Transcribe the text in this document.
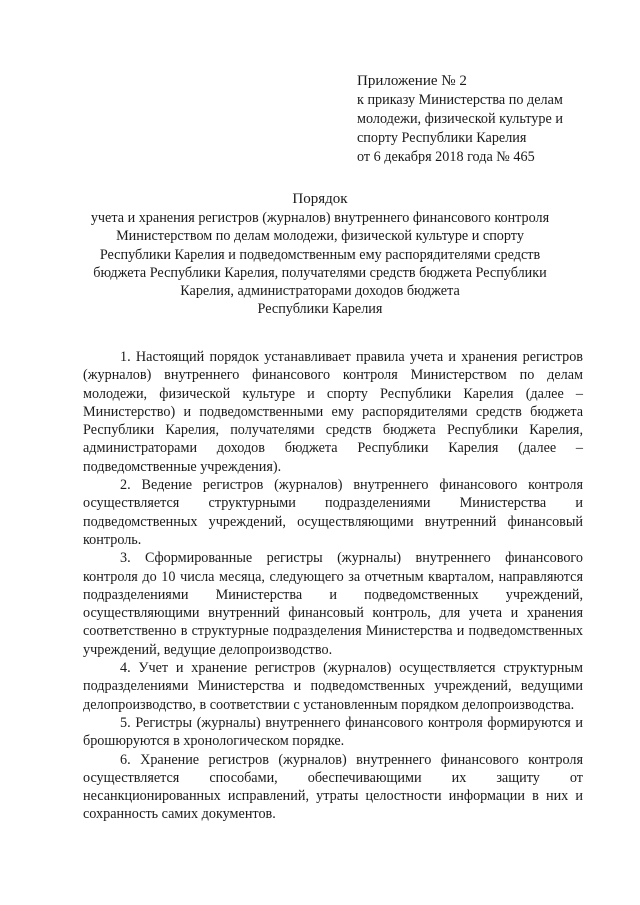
Приложение № 2
к приказу Министерства по делам
молодежи, физической культуре и
спорту Республики Карелия
от 6 декабря 2018 года № 465
Порядок
учета и хранения регистров (журналов) внутреннего финансового контроля
Министерством по делам молодежи, физической культуре и спорту
Республики Карелия и подведомственным ему распорядителями средств
бюджета Республики Карелия, получателями средств бюджета Республики
Карелия, администраторами доходов бюджета
Республики Карелия

1. Настоящий порядок устанавливает правила учета и хранения регистров (журналов) внутреннего финансового контроля Министерством по делам молодежи, физической культуре и спорту Республики Карелия (далее – Министерство) и подведомственными ему распорядителями средств бюджета Республики Карелия, получателями средств бюджета Республики Карелия, администраторами доходов бюджета Республики Карелия (далее – подведомственные учреждения).

2. Ведение регистров (журналов) внутреннего финансового контроля осуществляется структурными подразделениями Министерства и подведомственных учреждений, осуществляющими внутренний финансовый контроль.

3. Сформированные регистры (журналы) внутреннего финансового контроля до 10 числа месяца, следующего за отчетным кварталом, направляются подразделениями Министерства и подведомственных учреждений, осуществляющими внутренний финансовый контроль, для учета и хранения соответственно в структурные подразделения Министерства и подведомственных учреждений, ведущие делопроизводство.

4. Учет и хранение регистров (журналов) осуществляется структурным подразделениями Министерства и подведомственных учреждений, ведущими делопроизводство, в соответствии с установленным порядком делопроизводства.

5. Регистры (журналы) внутреннего финансового контроля формируются и брошюруются в хронологическом порядке.

6. Хранение регистров (журналов) внутреннего финансового контроля осуществляется способами, обеспечивающими их защиту от несанкционированных исправлений, утраты целостности информации в них и сохранность самих документов.
